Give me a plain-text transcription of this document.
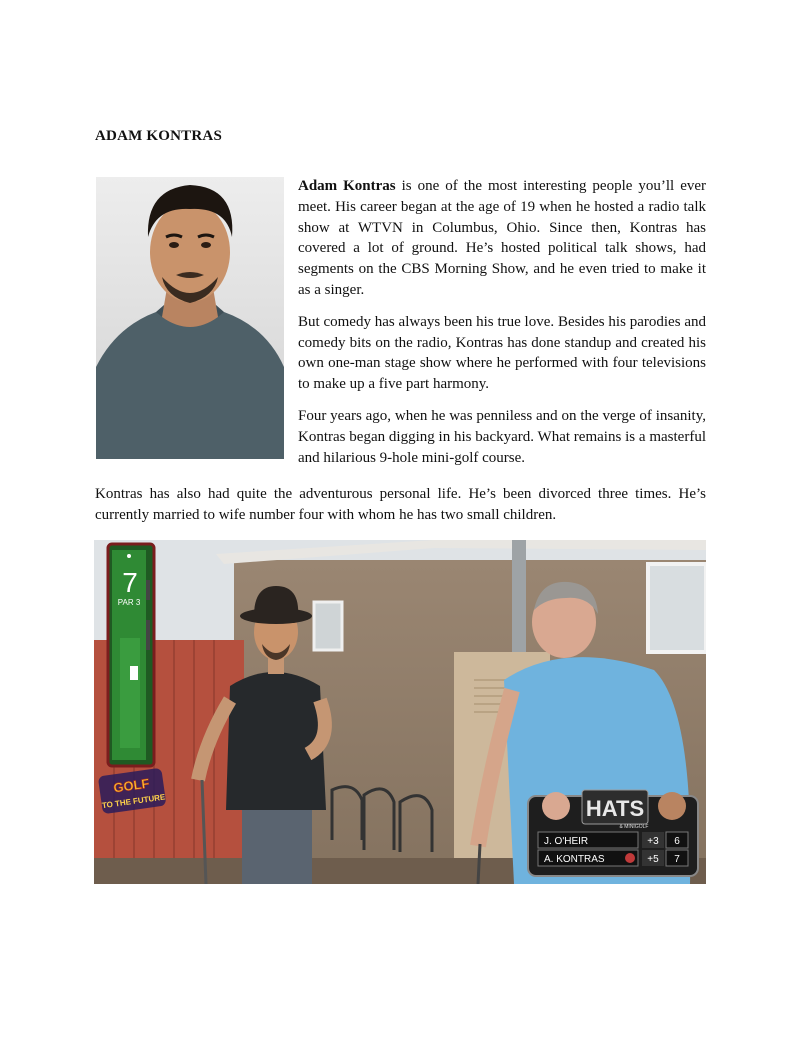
ADAM KONTRAS

Adam Kontras is one of the most interesting people you’ll ever meet. His career began at the age of 19 when he hosted a radio talk show at WTVN in Columbus, Ohio. Since then, Kontras has covered a lot of ground. He’s hosted political talk shows, had segments on the CBS Morning Show, and he even tried to make it as a singer.

But comedy has always been his true love. Besides his parodies and comedy bits on the radio, Kontras has done standup and created his own one-man stage show where he performed with four televisions to make up a five part harmony.

Four years ago, when he was penniless and on the verge of insanity, Kontras began digging in his backyard. What remains is a masterful and hilarious 9-hole mini-golf course.

Kontras has also had quite the adventurous personal life. He’s been divorced three times. He’s currently married to wife number four with whom he has two small children.

7
PAR 3
GOLF
TO THE FUTURE	HATS
& MINIGOLF
J. O'HEIR	+3 6
A. KONTRAS	+5 7
